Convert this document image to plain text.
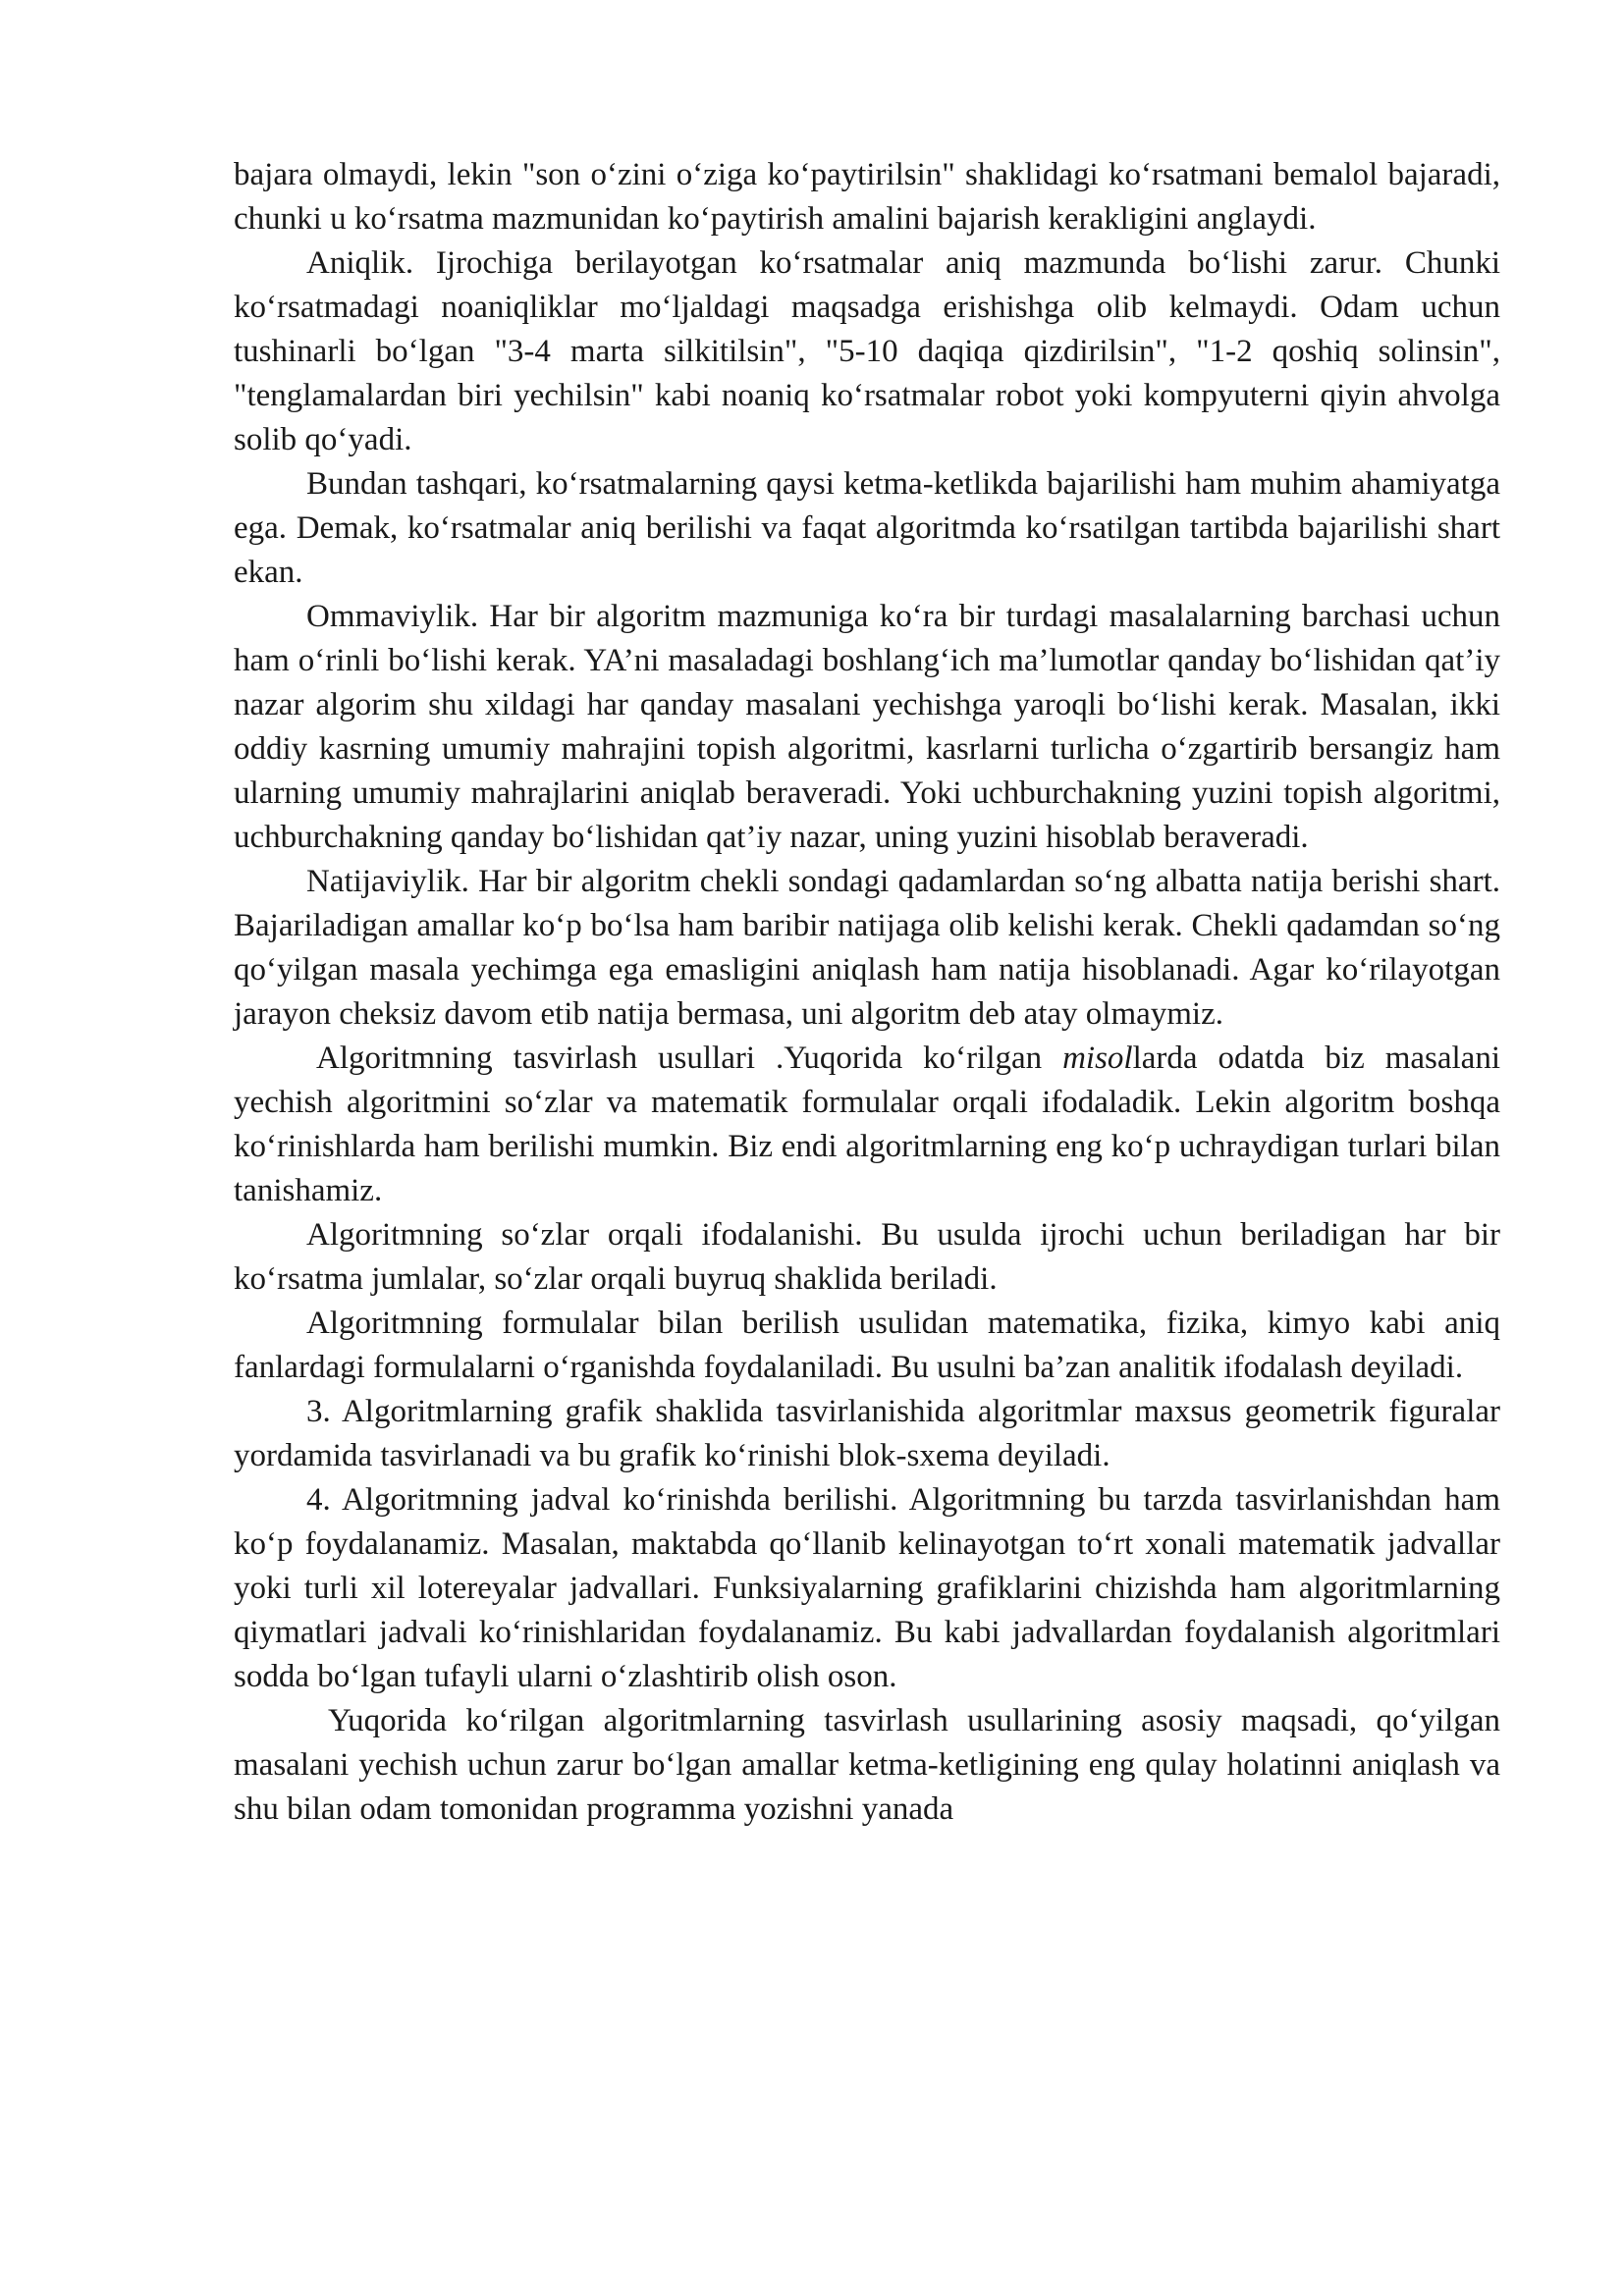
bajara olmaydi, lekin "son o‘zini o‘ziga ko‘paytirilsin" shaklidagi ko‘rsatmani bemalol bajaradi, chunki u ko‘rsatma mazmunidan ko‘paytirish amalini bajarish kerakligini anglaydi.

Aniqlik. Ijrochiga berilayotgan ko‘rsatmalar aniq mazmunda bo‘lishi zarur. Chunki ko‘rsatmadagi noaniqliklar mo‘ljaldagi maqsadga erishishga olib kelmaydi. Odam uchun tushinarli bo‘lgan "3-4 marta silkitilsin", "5-10 daqiqa qizdirilsin", "1-2 qoshiq solinsin", "tenglamalardan biri yechilsin" kabi noaniq ko‘rsatmalar robot yoki kompyuterni qiyin ahvolga solib qo‘yadi.

Bundan tashqari, ko‘rsatmalarning qaysi ketma-ketlikda bajarilishi ham muhim ahamiyatga ega. Demak, ko‘rsatmalar aniq berilishi va faqat algoritmda ko‘rsatilgan tartibda bajarilishi shart ekan.

Ommaviylik. Har bir algoritm mazmuniga ko‘ra bir turdagi masalalarning barchasi uchun ham o‘rinli bo‘lishi kerak. YA’ni masaladagi boshlang‘ich ma’lumotlar qanday bo‘lishidan qat’iy nazar algorim shu xildagi har qanday masalani yechishga yaroqli bo‘lishi kerak. Masalan, ikki oddiy kasrning umumiy mahrajini topish algoritmi, kasrlarni turlicha o‘zgartirib bersangiz ham ularning umumiy mahrajlarini aniqlab beraveradi. Yoki uchburchakning yuzini topish algoritmi, uchburchakning qanday bo‘lishidan qat’iy nazar, uning yuzini hisoblab beraveradi.

Natijaviylik. Har bir algoritm chekli sondagi qadamlardan so‘ng albatta natija berishi shart. Bajariladigan amallar ko‘p bo‘lsa ham baribir natijaga olib kelishi kerak. Chekli qadamdan so‘ng qo‘yilgan masala yechimga ega emasligini aniqlash ham natija hisoblanadi. Agar ko‘rilayotgan jarayon cheksiz davom etib natija bermasa, uni algoritm deb atay olmaymiz.

Algoritmning tasvirlash usullari .Yuqorida ko‘rilgan misollarda odatda biz masalani yechish algoritmini so‘zlar va matematik formulalar orqali ifodaladik. Lekin algoritm boshqa ko‘rinishlarda ham berilishi mumkin. Biz endi algoritmlarning eng ko‘p uchraydigan turlari bilan tanishamiz.

Algoritmning so‘zlar orqali ifodalanishi. Bu usulda ijrochi uchun beriladigan har bir ko‘rsatma jumlalar, so‘zlar orqali buyruq shaklida beriladi.

Algoritmning formulalar bilan berilish usulidan matematika, fizika, kimyo kabi aniq fanlardagi formulalarni o‘rganishda foydalaniladi. Bu usulni ba’zan analitik ifodalash deyiladi.

3. Algoritmlarning grafik shaklida tasvirlanishida algoritmlar maxsus geometrik figuralar yordamida tasvirlanadi va bu grafik ko‘rinishi blok-sxema deyiladi.

4. Algoritmning jadval ko‘rinishda berilishi. Algoritmning bu tarzda tasvirlanishdan ham ko‘p foydalanamiz. Masalan, maktabda qo‘llanib kelinayotgan to‘rt xonali matematik jadvallar yoki turli xil lotereyalar jadvallari. Funksiyalarning grafiklarini chizishda ham algoritmlarning qiymatlari jadvali ko‘rinishlaridan foydalanamiz. Bu kabi jadvallardan foydalanish algoritmlari sodda bo‘lgan tufayli ularni o‘zlashtirib olish oson.

Yuqorida ko‘rilgan algoritmlarning tasvirlash usullarining asosiy maqsadi, qo‘yilgan masalani yechish uchun zarur bo‘lgan amallar ketma-ketligining eng qulay holatinni aniqlash va shu bilan odam tomonidan programma yozishni yanada
